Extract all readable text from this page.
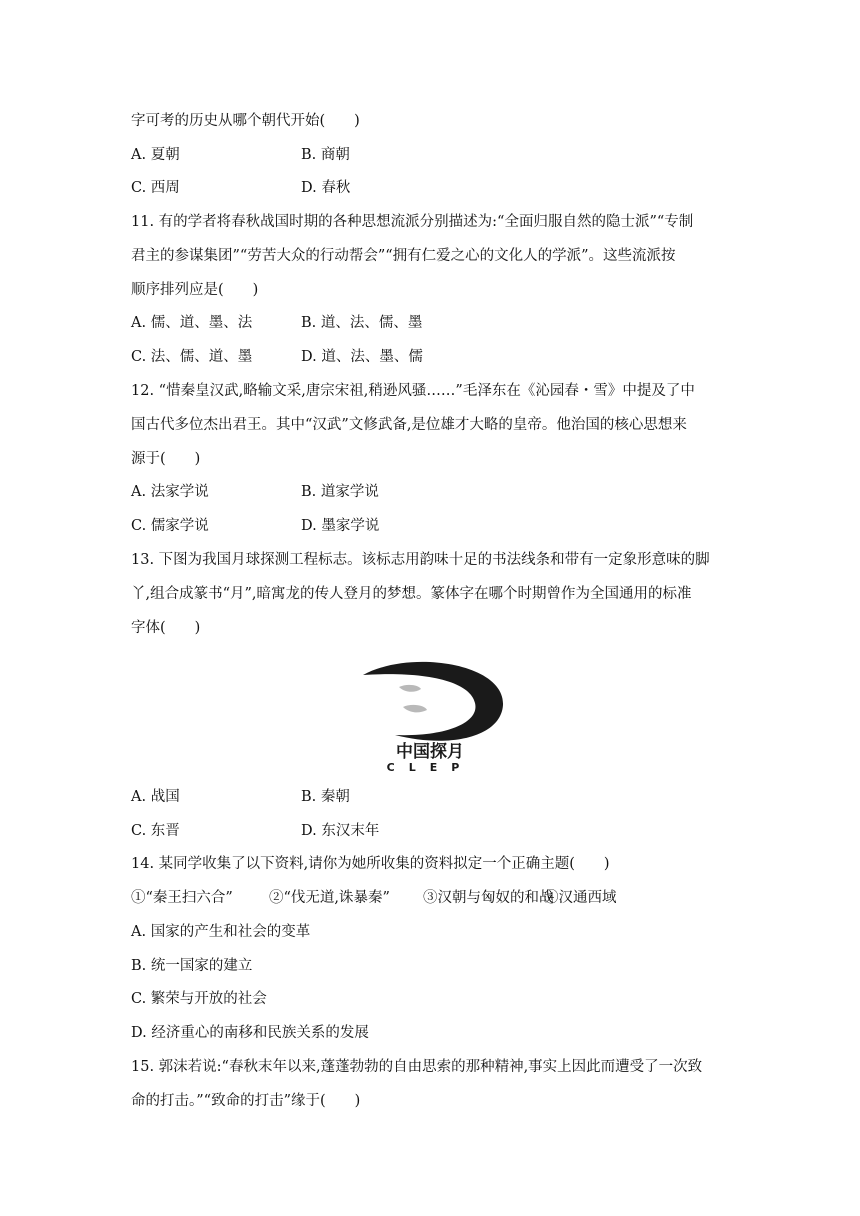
字可考的历史从哪个朝代开始(　　)
A. 夏朝	B. 商朝
C. 西周	D. 春秋
11. 有的学者将春秋战国时期的各种思想流派分别描述为:“全面归服自然的隐士派”“专制
君主的参谋集团”“劳苦大众的行动帮会”“拥有仁爱之心的文化人的学派”。这些流派按
顺序排列应是(　　)
A. 儒、道、墨、法	B. 道、法、儒、墨
C. 法、儒、道、墨	D. 道、法、墨、儒
12. “惜秦皇汉武,略输文采,唐宗宋祖,稍逊风骚……”毛泽东在《沁园春・雪》中提及了中
国古代多位杰出君王。其中“汉武”文修武备,是位雄才大略的皇帝。他治国的核心思想来
源于(　　)
A. 法家学说	B. 道家学说
C. 儒家学说	D. 墨家学说
13. 下图为我国月球探测工程标志。该标志用韵味十足的书法线条和带有一定象形意味的脚
丫,组合成篆书“月”,暗寓龙的传人登月的梦想。篆体字在哪个时期曾作为全国通用的标准
字体(　　)
中国探月
CLEP
A. 战国	B. 秦朝
C. 东晋	D. 东汉末年
14. 某同学收集了以下资料,请你为她所收集的资料拟定一个正确主题(　　)
①“秦王扫六合” ②“伐无道,诛暴秦” ③汉朝与匈奴的和战
④汉通西域
A. 国家的产生和社会的变革
B. 统一国家的建立
C. 繁荣与开放的社会
D. 经济重心的南移和民族关系的发展
15. 郭沫若说:“春秋末年以来,蓬蓬勃勃的自由思索的那种精神,事实上因此而遭受了一次致
命的打击。”“致命的打击”缘于(　　)
